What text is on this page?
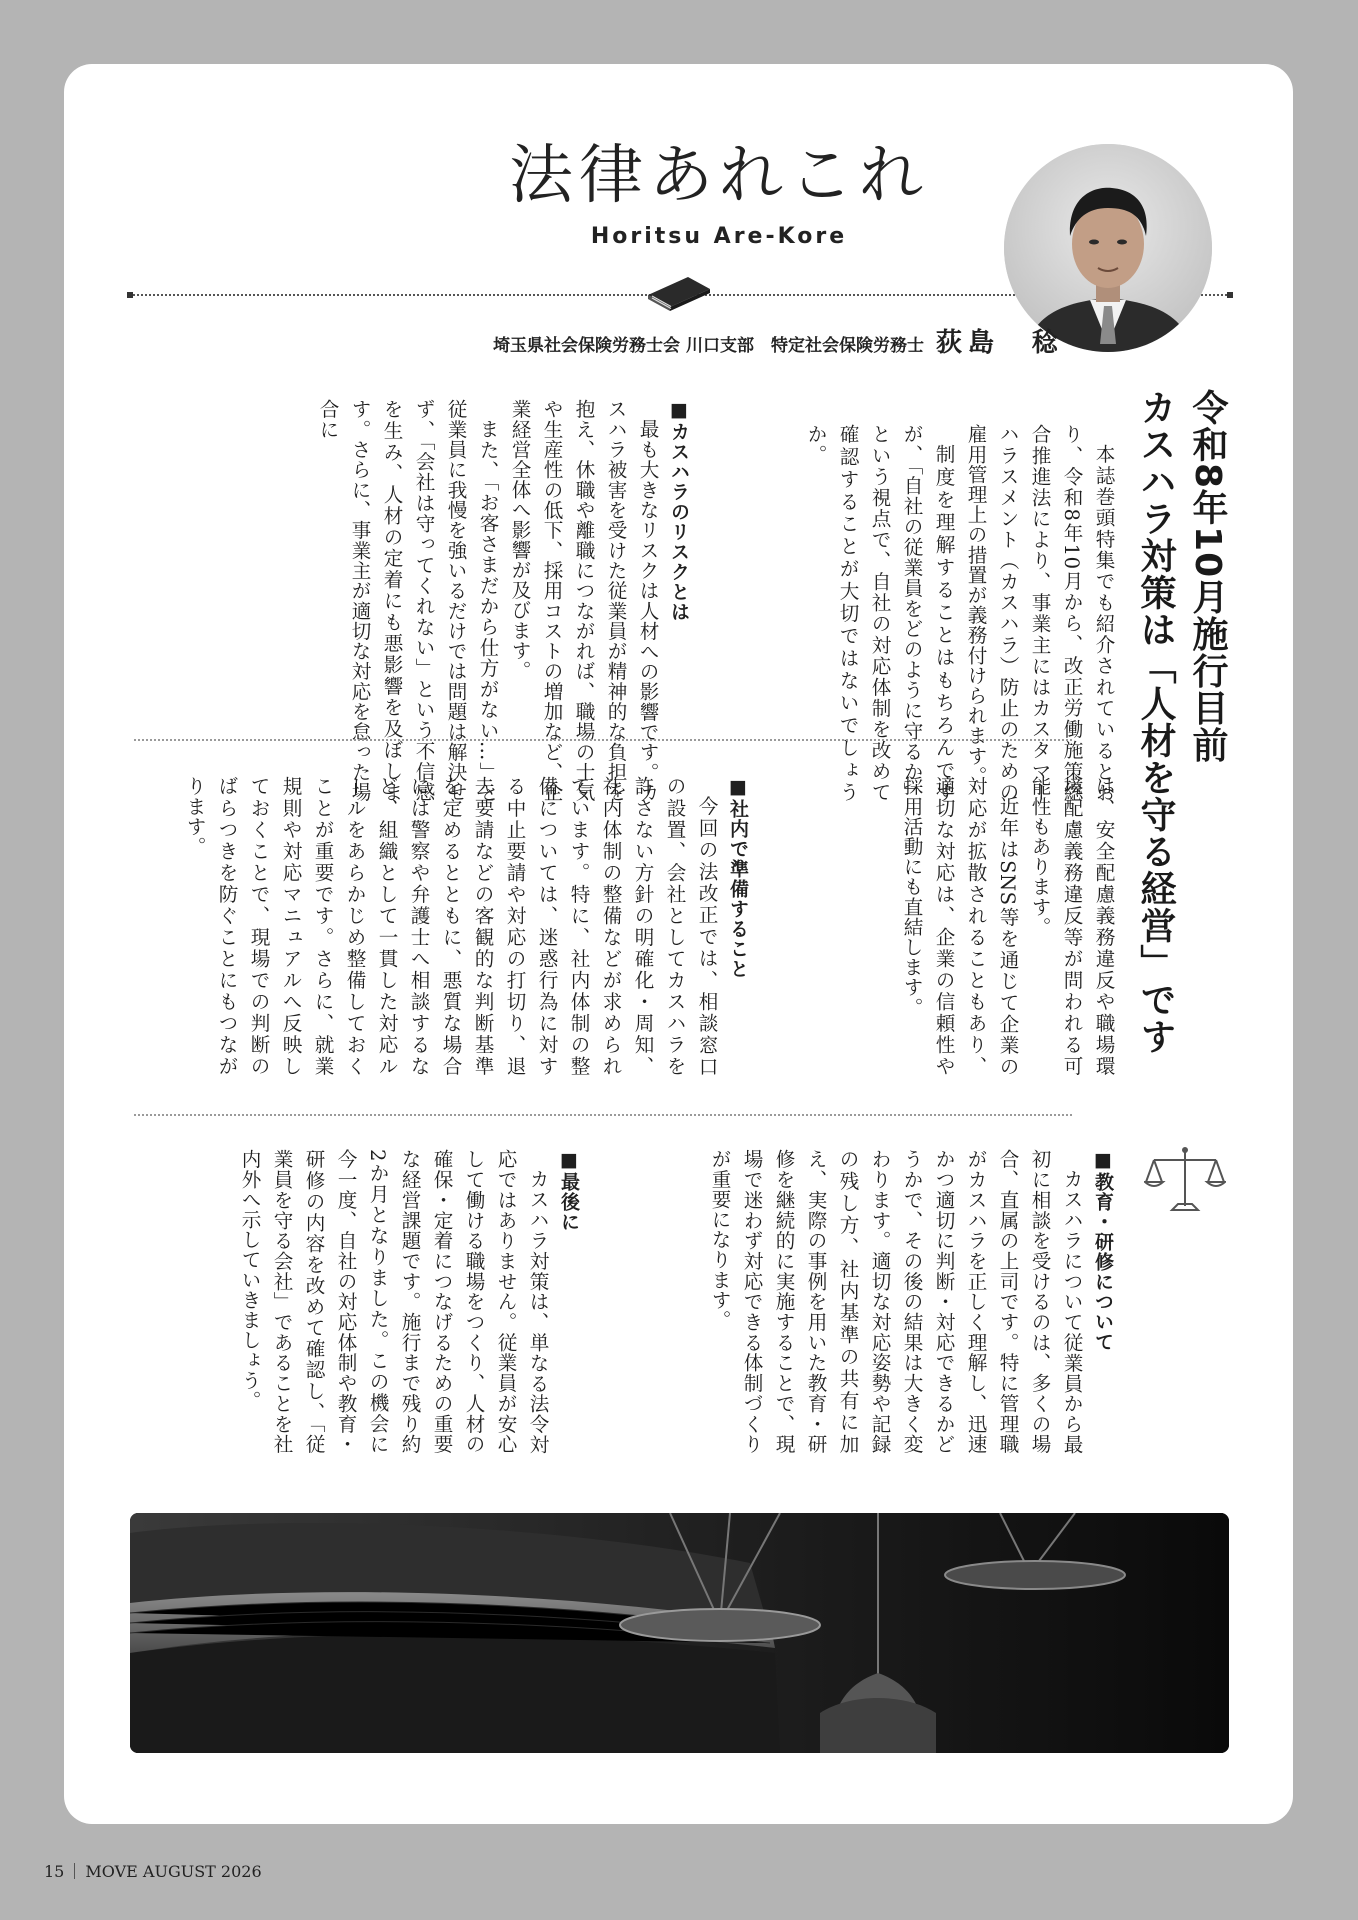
法律あれこれ
Horitsu Are-Kore
埼玉県社会保険労務士会 川口支部　特定社会保険労務士 荻島　稔
令和8年10月施行目前
カスハラ対策は「人材を守る経営」です

本誌巻頭特集でも紹介されているとおり、令和8年10月から、改正労働施策総合推進法により、事業主にはカスタマーハラスメント（カスハラ）防止のための雇用管理上の措置が義務付けられます。

制度を理解することはもちろんですが、「自社の従業員をどのように守るか」という視点で、自社の対応体制を改めて確認することが大切ではないでしょうか。

■カスハラのリスクとは

最も大きなリスクは人材への影響です。カスハラ被害を受けた従業員が精神的な負担を抱え、休職や離職につながれば、職場の士気や生産性の低下、採用コストの増加など、企業経営全体へ影響が及びます。

また、「お客さまだから仕方がない…」と従業員に我慢を強いるだけでは問題は解決せず、「会社は守ってくれない」という不信感を生み、人材の定着にも悪影響を及ぼします。さらに、事業主が適切な対応を怠った場合に

は、安全配慮義務違反や職場環境配慮義務違反等が問われる可能性もあります。

近年はSNS等を通じて企業の対応が拡散されることもあり、適切な対応は、企業の信頼性や採用活動にも直結します。

■社内で準備すること

今回の法改正では、相談窓口の設置、会社としてカスハラを許さない方針の明確化・周知、社内体制の整備などが求められています。特に、社内体制の整備については、迷惑行為に対する中止要請や対応の打切り、退去要請などの客観的な判断基準を定めるとともに、悪質な場合には警察や弁護士へ相談するなど、組織として一貫した対応ルールをあらかじめ整備しておくことが重要です。さらに、就業規則や対応マニュアルへ反映しておくことで、現場での判断のばらつきを防ぐことにもつながります。

■教育・研修について

カスハラについて従業員から最初に相談を受けるのは、多くの場合、直属の上司です。特に管理職がカスハラを正しく理解し、迅速かつ適切に判断・対応できるかどうかで、その後の結果は大きく変わります。適切な対応姿勢や記録の残し方、社内基準の共有に加え、実際の事例を用いた教育・研修を継続的に実施することで、現場で迷わず対応できる体制づくりが重要になります。

■最後に

カスハラ対策は、単なる法令対応ではありません。従業員が安心して働ける職場をつくり、人材の確保・定着につなげるための重要な経営課題です。施行まで残り約2か月となりました。この機会に今一度、自社の対応体制や教育・研修の内容を改めて確認し、「従業員を守る会社」であることを社内外へ示していきましょう。

15 MOVE AUGUST 2026
